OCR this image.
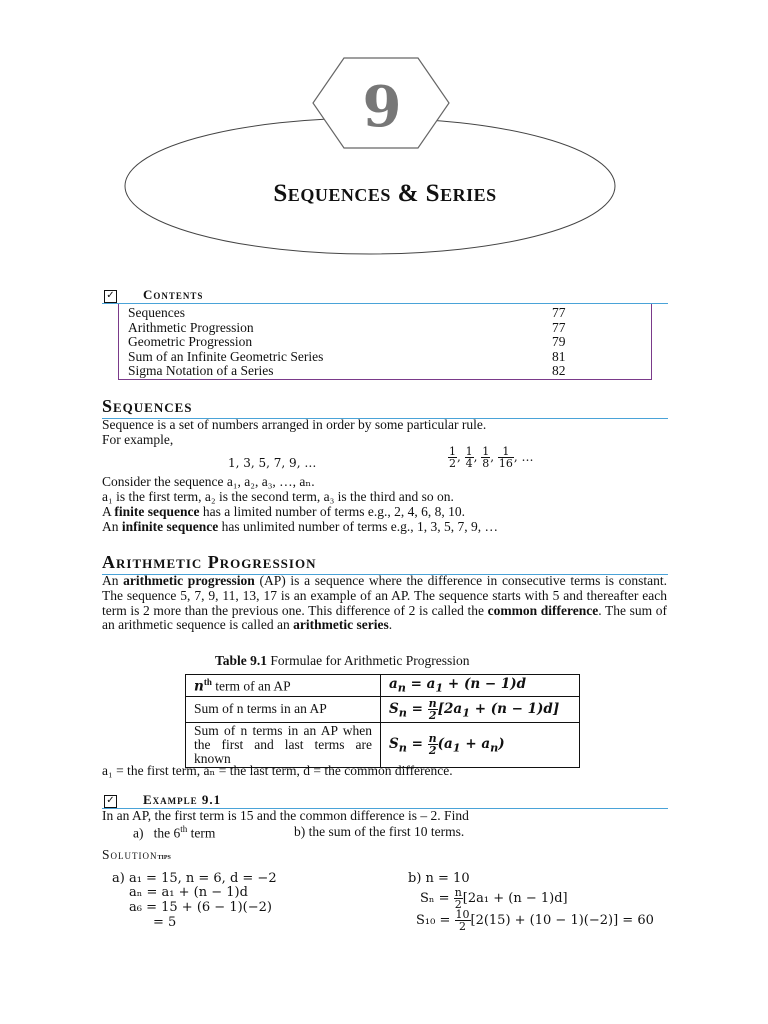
9
Sequences & Series
✓ Contents
Sequences	77
Arithmetic Progression	77
Geometric Progression	79
Sum of an Infinite Geometric Series	81
Sigma Notation of a Series	82
Sequences
Sequence is a set of numbers arranged in order by some particular rule.
For example,
1, 3, 5, 7, 9, …	$\frac{1}{2}$ , $\frac{1}{4}$ , $\frac{1}{8}$ , $\frac{1}{16}$ , …
Consider the sequence a₁, a₂, a₃, …, aₙ.
a₁ is the first term, a₂ is the second term, a₃ is the third and so on.
A finite sequence has a limited number of terms e.g., 2, 4, 6, 8, 10.
An infinite sequence has unlimited number of terms e.g., 1, 3, 5, 7, 9, …
Arithmetic Progression
An arithmetic progression (AP) is a sequence where the difference in consecutive terms is constant. The sequence 5, 7, 9, 11, 13, 17 is an example of an AP. The sequence starts with 5 and thereafter each term is 2 more than the previous one. This difference of 2 is called the common difference. The sum of an arithmetic sequence is called an arithmetic series.
Table 9.1 Formulae for Arithmetic Progression
$n^{th}$ term of an AP	$a_n = a_1 + (n - 1)d$
Sum of n terms in an AP	$S_n = \frac{n}{2} [2a_1 + (n - 1)d]$
Sum of n terms in an AP when the first and last terms are known	$S_n = \frac{n}{2} (a_1 + a_n)$
a₁ = the first term, aₙ = the last term, d = the common difference.
✓ Example 9.1
In an AP, the first term is 15 and the common difference is – 2. Find
a) the 6th term	b) the sum of the first 10 terms.
Solutiontips
a) a₁ = 15, n = 6, d = −2
aₙ = a₁ + (n − 1)d
a₆ = 15 + (6 − 1)(−2)
= 5
b) n = 10
$S_n = \frac{n}{2} [2a_1 + (n - 1)d]$
$S_{10} = \frac{10}{2} [2(15) + (10 - 1)(-2)] = 60$
